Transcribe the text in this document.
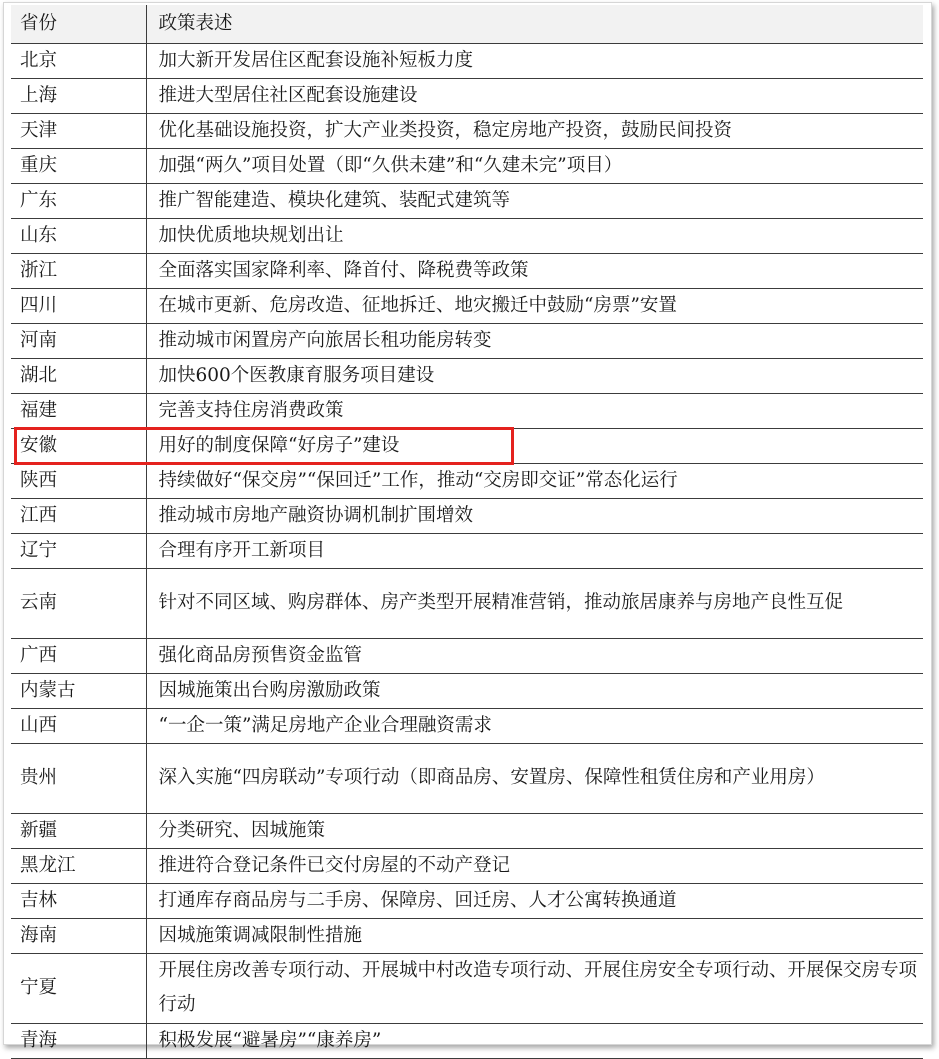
省份	政策表述
北京	加大新开发居住区配套设施补短板力度
上海	推进大型居住社区配套设施建设
天津	优化基础设施投资，扩大产业类投资，稳定房地产投资，鼓励民间投资
重庆	加强“两久”项目处置（即“久供未建”和“久建未完”项目）
广东	推广智能建造、模块化建筑、装配式建筑等
山东	加快优质地块规划出让
浙江	全面落实国家降利率、降首付、降税费等政策
四川	在城市更新、危房改造、征地拆迁、地灾搬迁中鼓励“房票”安置
河南	推动城市闲置房产向旅居长租功能房转变
湖北	加快600个医教康育服务项目建设
福建	完善支持住房消费政策
安徽	用好的制度保障“好房子”建设
陕西	持续做好“保交房”“保回迁”工作，推动“交房即交证”常态化运行
江西	推动城市房地产融资协调机制扩围增效
辽宁	合理有序开工新项目
云南	针对不同区域、购房群体、房产类型开展精准营销，推动旅居康养与房地产良性互促
广西	强化商品房预售资金监管
内蒙古	因城施策出台购房激励政策
山西	“一企一策”满足房地产企业合理融资需求
贵州	深入实施“四房联动”专项行动（即商品房、安置房、保障性租赁住房和产业用房）
新疆	分类研究、因城施策
黑龙江	推进符合登记条件已交付房屋的不动产登记
吉林	打通库存商品房与二手房、保障房、回迁房、人才公寓转换通道
海南	因城施策调减限制性措施
宁夏	开展住房改善专项行动、开展城中村改造专项行动、开展住房安全专项行动、开展保交房专项行动
青海	积极发展“避暑房”“康养房”
